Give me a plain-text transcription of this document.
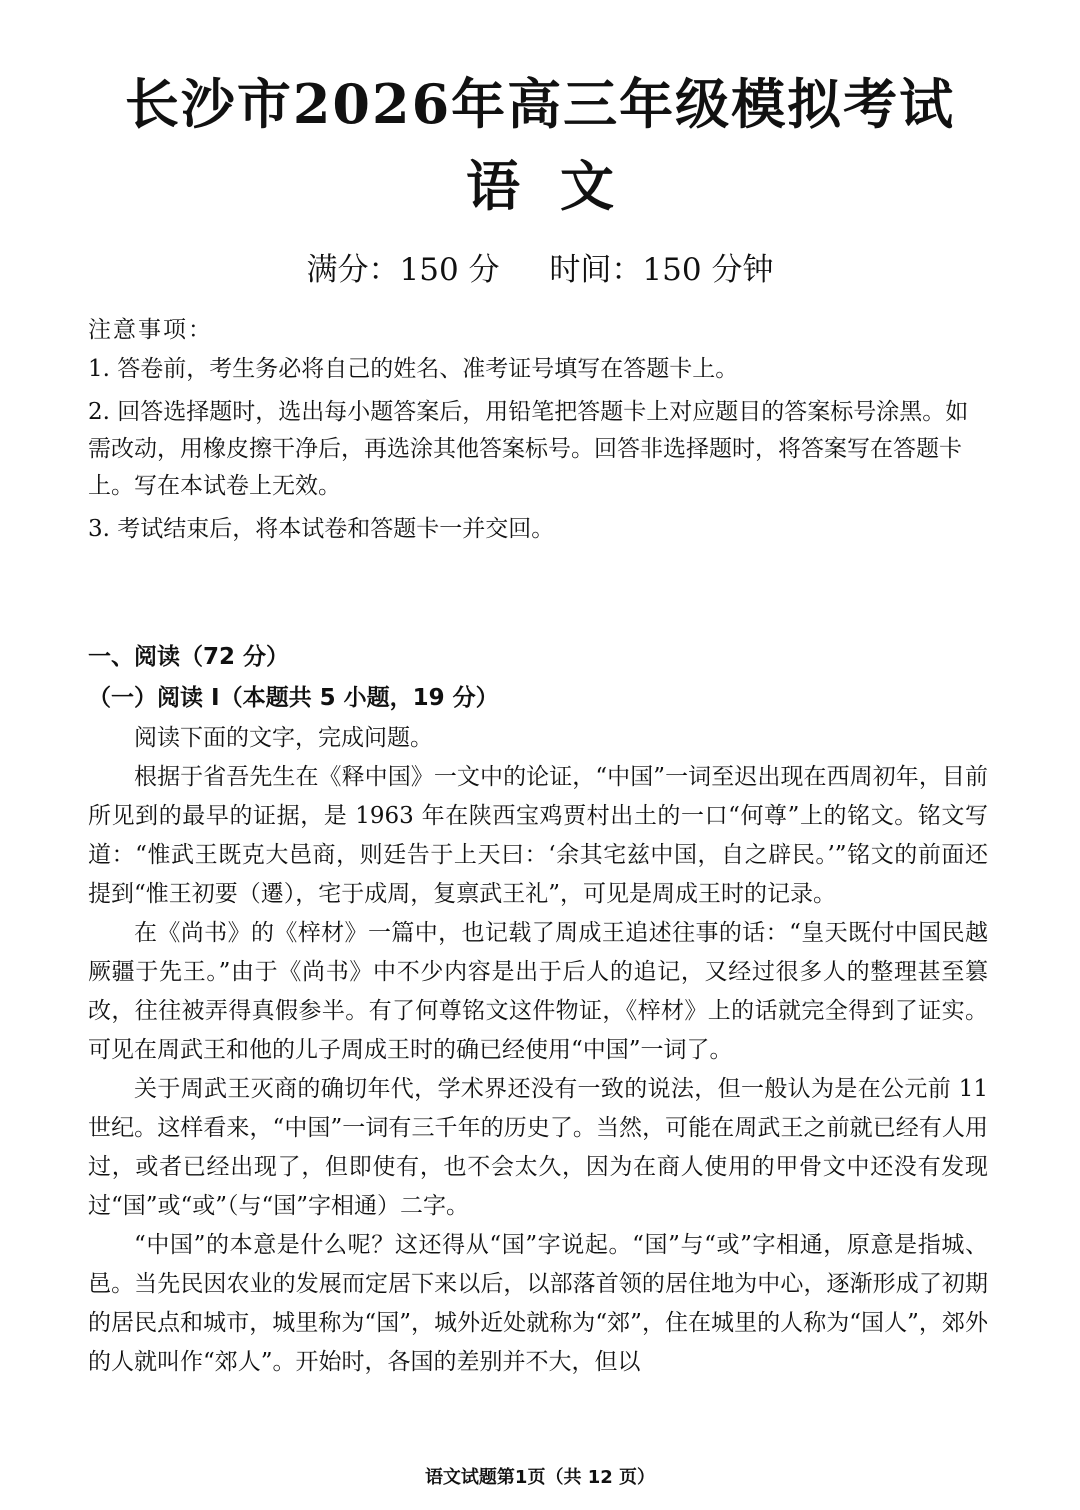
长沙市2026年高三年级模拟考试
语文
满分：150 分 时间：150 分钟
注意事项：

1. 答卷前，考生务必将自己的姓名、准考证号填写在答题卡上。

2. 回答选择题时，选出每小题答案后，用铅笔把答题卡上对应题目的答案标号涂黑。如需改动，用橡皮擦干净后，再选涂其他答案标号。回答非选择题时，将答案写在答题卡上。写在本试卷上无效。

3. 考试结束后，将本试卷和答题卡一并交回。

一、阅读（72 分）
（一）阅读 I（本题共 5 小题，19 分）

阅读下面的文字，完成问题。

根据于省吾先生在《释中国》一文中的论证，“中国”一词至迟出现在西周初年，目前所见到的最早的证据，是 1963 年在陕西宝鸡贾村出土的一口“何尊”上的铭文。铭文写道：“惟武王既克大邑商，则廷告于上天曰：‘余其宅兹中国，自之辟民。’”铭文的前面还提到“惟王初要（遷），宅于成周，复禀武王礼”，可见是周成王时的记录。

在《尚书》的《梓材》一篇中，也记载了周成王追述往事的话：“皇天既付中国民越厥疆于先王。”由于《尚书》中不少内容是出于后人的追记，又经过很多人的整理甚至篡改，往往被弄得真假参半。有了何尊铭文这件物证，《梓材》上的话就完全得到了证实。可见在周武王和他的儿子周成王时的确已经使用“中国”一词了。

关于周武王灭商的确切年代，学术界还没有一致的说法，但一般认为是在公元前 11 世纪。这样看来，“中国”一词有三千年的历史了。当然，可能在周武王之前就已经有人用过，或者已经出现了，但即使有，也不会太久，因为在商人使用的甲骨文中还没有发现过“国”或“或”（与“国”字相通）二字。

“中国”的本意是什么呢？这还得从“国”字说起。“国”与“或”字相通，原意是指城、邑。当先民因农业的发展而定居下来以后，以部落首领的居住地为中心，逐渐形成了初期的居民点和城市，城里称为“国”，城外近处就称为“郊”，住在城里的人称为“国人”，郊外的人就叫作“郊人”。开始时，各国的差别并不大，但以

语文试题第1页（共 12 页）
